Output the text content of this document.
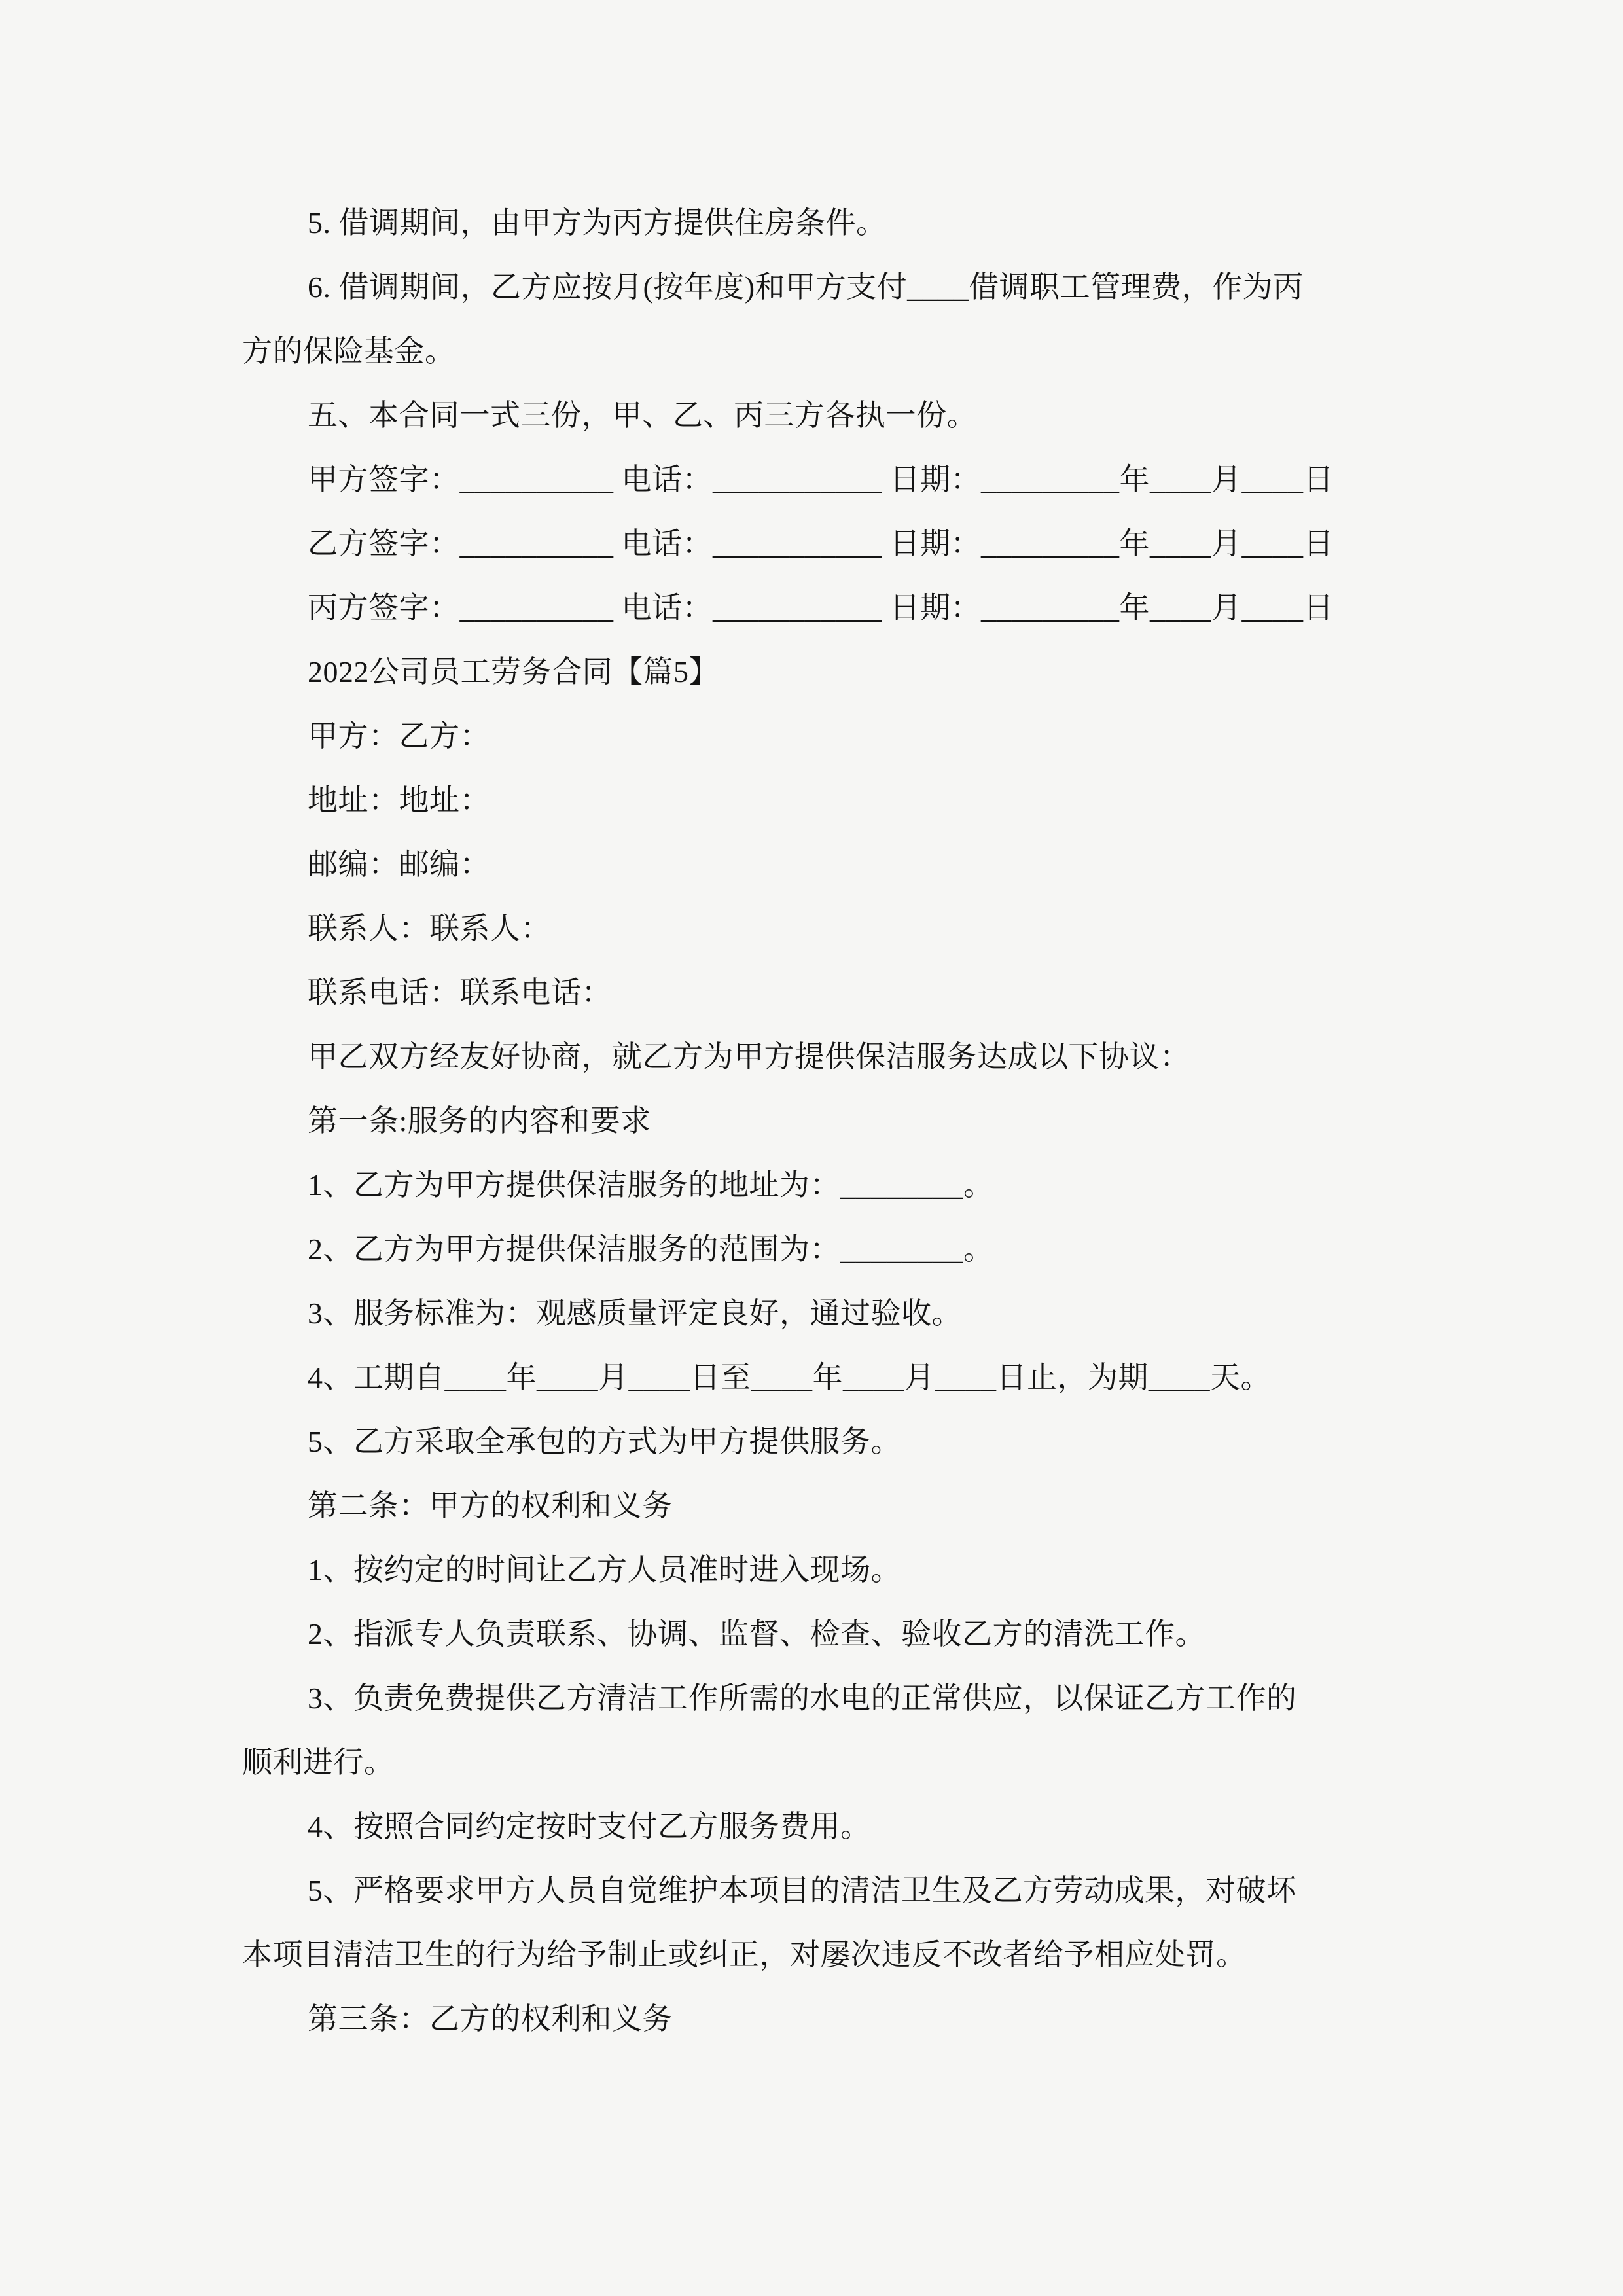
5. 借调期间，由甲方为丙方提供住房条件。
6. 借调期间，乙方应按月(按年度)和甲方支付____借调职工管理费，作为丙
方的保险基金。
五、本合同一式三份，甲、乙、丙三方各执一份。
甲方签字：__________ 电话：___________ 日期：_________年____月____日
乙方签字：__________ 电话：___________ 日期：_________年____月____日
丙方签字：__________ 电话：___________ 日期：_________年____月____日
2022公司员工劳务合同【篇5】
甲方：乙方：
地址：地址：
邮编：邮编：
联系人：联系人：
联系电话：联系电话：
甲乙双方经友好协商，就乙方为甲方提供保洁服务达成以下协议：
第一条:服务的内容和要求
1、乙方为甲方提供保洁服务的地址为：________。
2、乙方为甲方提供保洁服务的范围为：________。
3、服务标准为：观感质量评定良好，通过验收。
4、工期自____年____月____日至____年____月____日止，为期____天。
5、乙方采取全承包的方式为甲方提供服务。
第二条：甲方的权利和义务
1、按约定的时间让乙方人员准时进入现场。
2、指派专人负责联系、协调、监督、检查、验收乙方的清洗工作。
3、负责免费提供乙方清洁工作所需的水电的正常供应，以保证乙方工作的
顺利进行。
4、按照合同约定按时支付乙方服务费用。
5、严格要求甲方人员自觉维护本项目的清洁卫生及乙方劳动成果，对破坏
本项目清洁卫生的行为给予制止或纠正，对屡次违反不改者给予相应处罚。
第三条：乙方的权利和义务
